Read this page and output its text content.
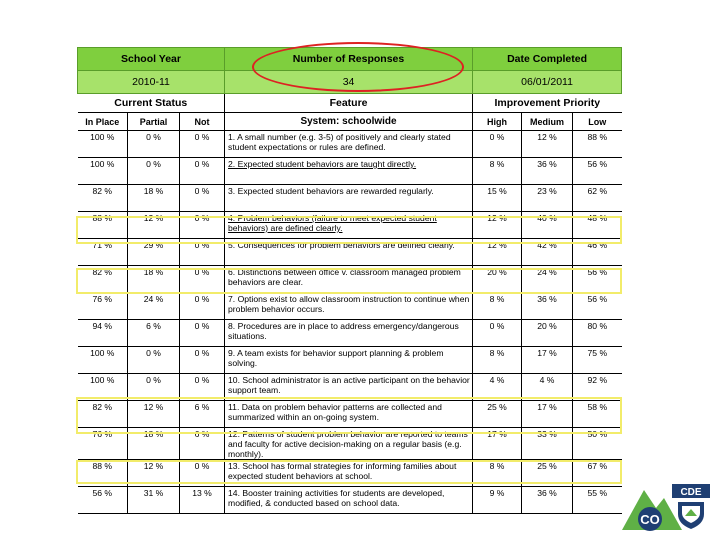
School Year			Number of Responses	Date Completed		
2010-11			34	06/01/2011		
Current Status			Feature	Improvement Priority		
In Place	Partial	Not	System: schoolwide	High	Medium	Low
100 %	0 %	0 %	1. A small number (e.g. 3-5) of positively and clearly stated student expectations or rules are defined.	0 %	12 %	88 %
100 %	0 %	0 %	2. Expected student behaviors are taught directly.	8 %	36 %	56 %
82 %	18 %	0 %	3. Expected student behaviors are rewarded regularly.	15 %	23 %	62 %
88 %	12 %	0 %	4. Problem behaviors (failure to meet expected student behaviors) are defined clearly.	12 %	40 %	48 %
71 %	29 %	0 %	5. Consequences for problem behaviors are defined clearly.	12 %	42 %	46 %
82 %	18 %	0 %	6. Distinctions between office v. classroom managed problem behaviors are clear.	20 %	24 %	56 %
76 %	24 %	0 %	7. Options exist to allow classroom instruction to continue when problem behavior occurs.	8 %	36 %	56 %
94 %	6 %	0 %	8. Procedures are in place to address emergency/dangerous situations.	0 %	20 %	80 %
100 %	0 %	0 %	9. A team exists for behavior support planning & problem solving.	8 %	17 %	75 %
100 %	0 %	0 %	10. School administrator is an active participant on the behavior support team.	4 %	4 %	92 %
82 %	12 %	6 %	11. Data on problem behavior patterns are collected and summarized within an on-going system.	25 %	17 %	58 %
76 %	18 %	6 %	12. Patterns of student problem behavior are reported to teams and faculty for active decision-making on a regular basis (e.g. monthly).	17 %	33 %	50 %
88 %	12 %	0 %	13. School has formal strategies for informing families about expected student behaviors at school.	8 %	25 %	67 %
56 %	31 %	13 %	14. Booster training activities for students are developed, modified, & conducted based on school data.	9 %	36 %	55 %
CO
CDE
